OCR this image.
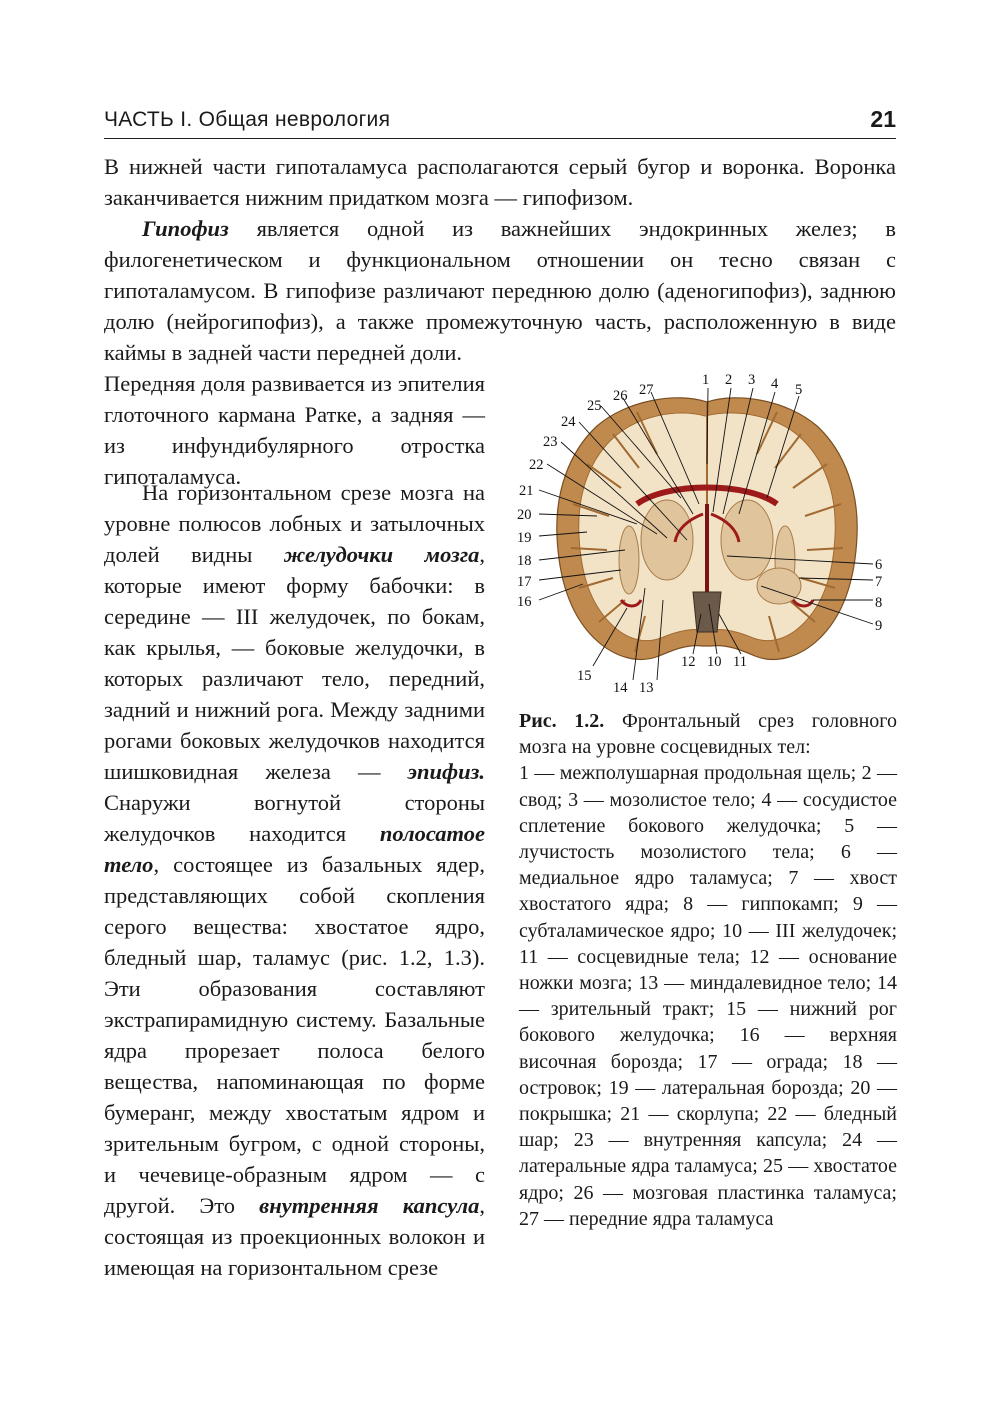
ЧАСТЬ I. Общая неврология	21

В нижней части гипоталамуса располагаются серый бугор и воронка. Воронка заканчивается нижним придатком мозга — гипофизом.

Гипофиз является одной из важнейших эндокринных желез; в филогенетическом и функциональном отношении он тесно связан с гипоталамусом. В гипофизе различают переднюю долю (аденогипофиз), заднюю долю (нейрогипофиз), а также промежуточную часть, расположенную в виде каймы в задней части передней доли.

Передняя доля развивается из эпителия глоточного кармана Ратке, а задняя — из инфундибулярного отростка гипоталамуса.

На горизонтальном срезе мозга на уровне полюсов лобных и затылочных долей видны желудочки мозга, которые имеют форму бабочки: в середине — III желудочек, по бокам, как крылья, — боковые желудочки, в которых различают тело, передний, задний и нижний рога. Между задними рогами боковых желудочков находится шишковидная железа — эпифиз. Снаружи вогнутой стороны желудочков находится полосатое тело, состоящее из базальных ядер, представляющих собой скопления серого вещества: хвостатое ядро, бледный шар, таламус (рис. 1.2, 1.3). Эти образования составляют экстрапирамидную систему. Базальные ядра прорезает полоса белого вещества, напоминающая по форме бумеранг, между хвостатым ядром и зрительным бугром, с одной стороны, и чечевице-образным ядром — с другой. Это внутренняя капсула, состоящая из проекционных волокон и имеющая на горизонтальном срезе

1 2 3 4 5
6
7
8
9
10 11
12
13
14
15
16
17
18
19
20
21
22
23
24
25
26 27

Рис. 1.2. Фронтальный срез головного мозга на уровне сосцевидных тел:
1 — межполушарная продольная щель; 2 — свод; 3 — мозолистое тело; 4 — сосудистое сплетение бокового желудочка; 5 — лучистость мозолистого тела; 6 — медиальное ядро таламуса; 7 — хвост хвостатого ядра; 8 — гиппокамп; 9 — субталамическое ядро; 10 — III желудочек; 11 — сосцевидные тела; 12 — основание ножки мозга; 13 — миндалевидное тело; 14 — зрительный тракт; 15 — нижний рог бокового желудочка; 16 — верхняя височная борозда; 17 — ограда; 18 — островок; 19 — латеральная борозда; 20 — покрышка; 21 — скорлупа; 22 — бледный шар; 23 — внутренняя капсула; 24 — латеральные ядра таламуса; 25 — хвостатое ядро; 26 — мозговая пластинка таламуса; 27 — передние ядра таламуса
